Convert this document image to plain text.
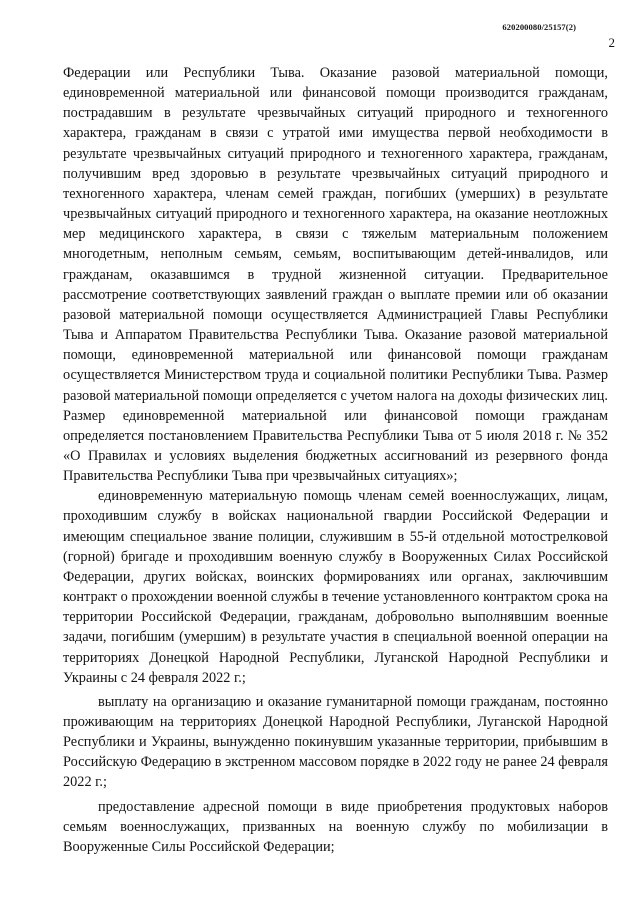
620200080/25157(2)
2

Федерации или Республики Тыва. Оказание разовой материальной помощи, единовременной материальной или финансовой помощи производится гражданам, пострадавшим в результате чрезвычайных ситуаций природного и техногенного характера, гражданам в связи с утратой ими имущества первой необходимости в результате чрезвычайных ситуаций природного и техногенного характера, гражданам, получившим вред здоровью в результате чрезвычайных ситуаций природного и техногенного характера, членам семей граждан, погибших (умерших) в результате чрезвычайных ситуаций природного и техногенного характера, на оказание неотложных мер медицинского характера, в связи с тяжелым материальным положением многодетным, неполным семьям, семьям, воспитывающим детей-инвалидов, или гражданам, оказавшимся в трудной жизненной ситуации. Предварительное рассмотрение соответствующих заявлений граждан о выплате премии или об оказании разовой материальной помощи осуществляется Администрацией Главы Республики Тыва и Аппаратом Правительства Республики Тыва. Оказание разовой материальной помощи, единовременной материальной или финансовой помощи гражданам осуществляется Министерством труда и социальной политики Республики Тыва. Размер разовой материальной помощи определяется с учетом налога на доходы физических лиц. Размер единовременной материальной или финансовой помощи гражданам определяется постановлением Правительства Республики Тыва от 5 июля 2018 г. № 352 «О Правилах и условиях выделения бюджетных ассигнований из резервного фонда Правительства Республики Тыва при чрезвычайных ситуациях»;

единовременную материальную помощь членам семей военнослужащих, лицам, проходившим службу в войсках национальной гвардии Российской Федерации и имеющим специальное звание полиции, служившим в 55-й отдельной мотострелковой (горной) бригаде и проходившим военную службу в Вооруженных Силах Российской Федерации, других войсках, воинских формированиях или органах, заключившим контракт о прохождении военной службы в течение установленного контрактом срока на территории Российской Федерации, гражданам, добровольно выполнявшим военные задачи, погибшим (умершим) в результате участия в специальной военной операции на территориях Донецкой Народной Республики, Луганской Народной Республики и Украины с 24 февраля 2022 г.;

выплату на организацию и оказание гуманитарной помощи гражданам, постоянно проживающим на территориях Донецкой Народной Республики, Луганской Народной Республики и Украины, вынужденно покинувшим указанные территории, прибывшим в Российскую Федерацию в экстренном массовом порядке в 2022 году не ранее 24 февраля 2022 г.;

предоставление адресной помощи в виде приобретения продуктовых наборов семьям военнослужащих, призванных на военную службу по мобилизации в Вооруженные Силы Российской Федерации;
